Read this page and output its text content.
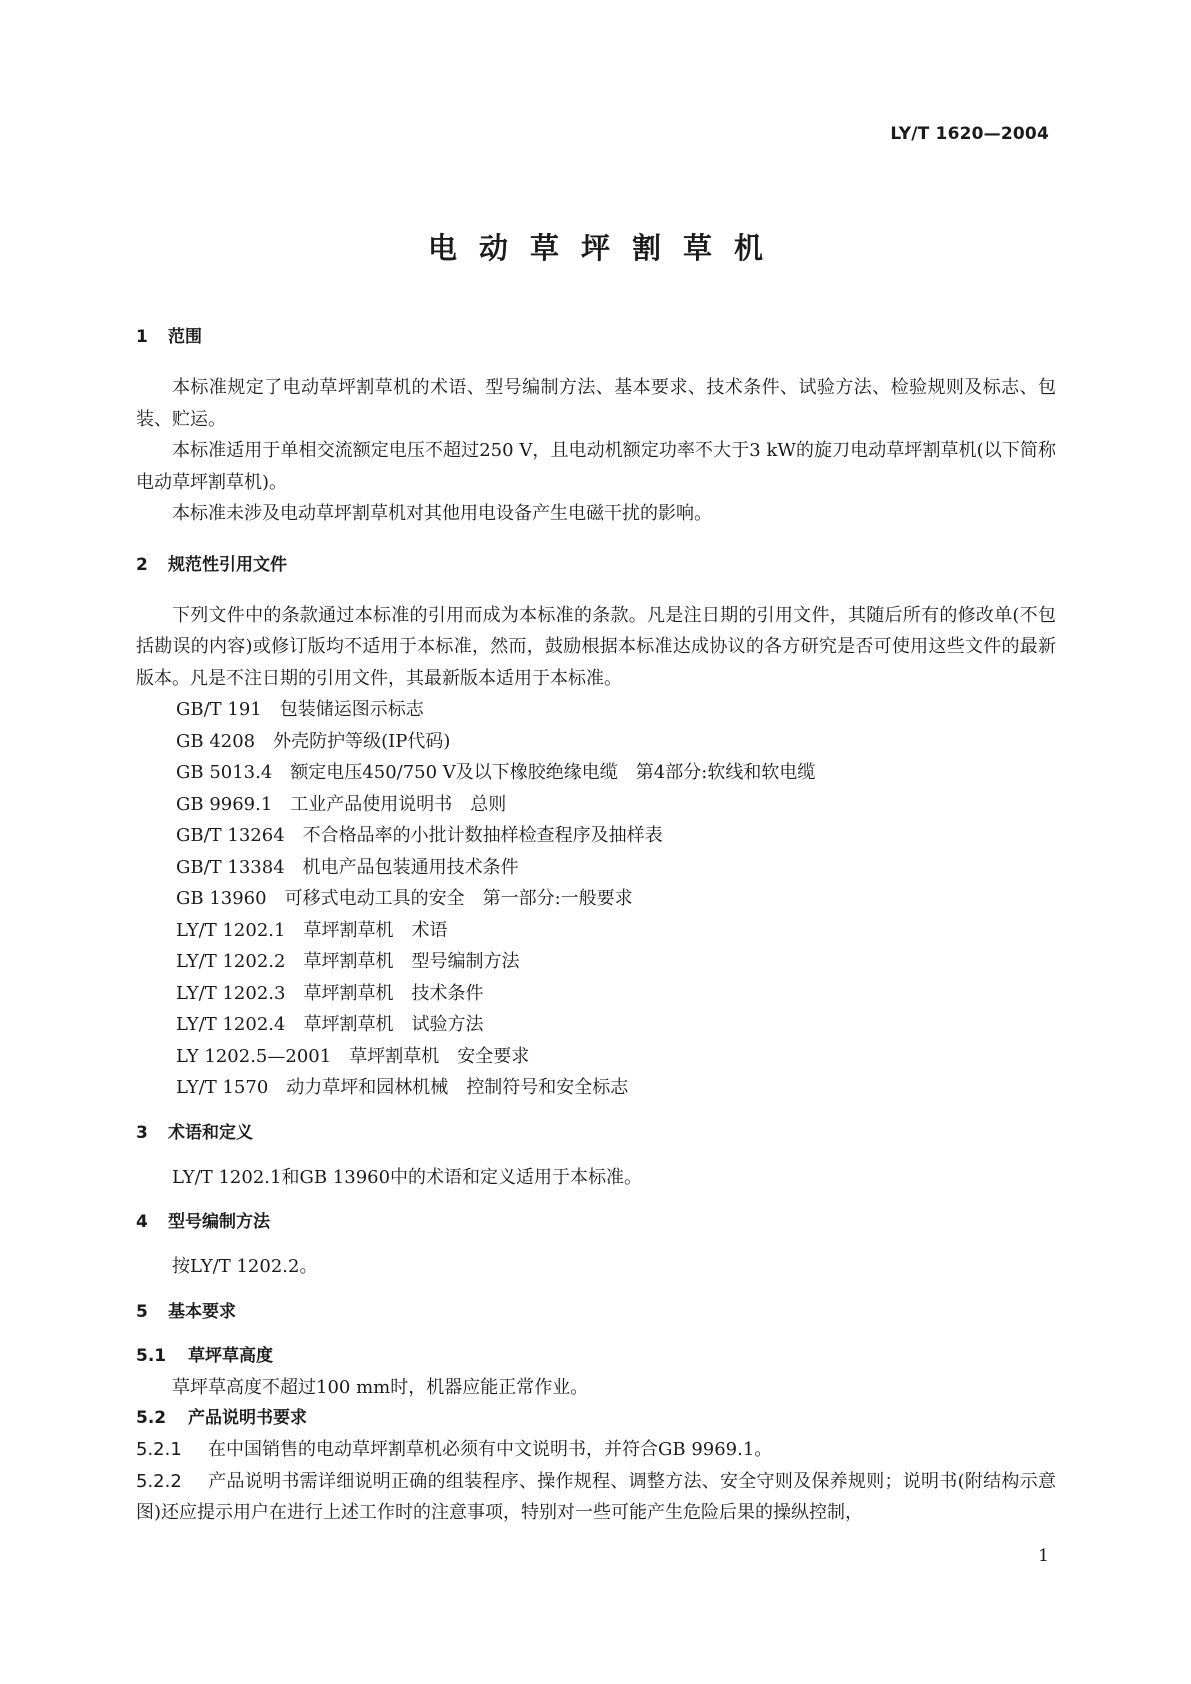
LY/T 1620—2004
电动草坪割草机
1 范围

本标准规定了电动草坪割草机的术语、型号编制方法、基本要求、技术条件、试验方法、检验规则及标志、包装、贮运。

本标准适用于单相交流额定电压不超过250 V，且电动机额定功率不大于3 kW的旋刀电动草坪割草机(以下简称电动草坪割草机)。

本标准未涉及电动草坪割草机对其他用电设备产生电磁干扰的影响。

2 规范性引用文件

下列文件中的条款通过本标准的引用而成为本标准的条款。凡是注日期的引用文件，其随后所有的修改单(不包括勘误的内容)或修订版均不适用于本标准，然而，鼓励根据本标准达成协议的各方研究是否可使用这些文件的最新版本。凡是不注日期的引用文件，其最新版本适用于本标准。

GB/T 191 包装储运图示标志
GB 4208 外壳防护等级(IP代码)
GB 5013.4 额定电压450/750 V及以下橡胶绝缘电缆　第4部分:软线和软电缆
GB 9969.1 工业产品使用说明书　总则
GB/T 13264 不合格品率的小批计数抽样检查程序及抽样表
GB/T 13384 机电产品包装通用技术条件
GB 13960 可移式电动工具的安全　第一部分:一般要求
LY/T 1202.1 草坪割草机　术语
LY/T 1202.2 草坪割草机　型号编制方法
LY/T 1202.3 草坪割草机　技术条件
LY/T 1202.4 草坪割草机　试验方法
LY 1202.5—2001 草坪割草机　安全要求
LY/T 1570 动力草坪和园林机械　控制符号和安全标志
3 术语和定义

LY/T 1202.1和GB 13960中的术语和定义适用于本标准。

4 型号编制方法

按LY/T 1202.2。

5 基本要求
5.1 草坪草高度

草坪草高度不超过100 mm时，机器应能正常作业。

5.2 产品说明书要求

5.2.1 在中国销售的电动草坪割草机必须有中文说明书，并符合GB 9969.1。

5.2.2 产品说明书需详细说明正确的组装程序、操作规程、调整方法、安全守则及保养规则；说明书(附结构示意图)还应提示用户在进行上述工作时的注意事项，特别对一些可能产生危险后果的操纵控制，

1
